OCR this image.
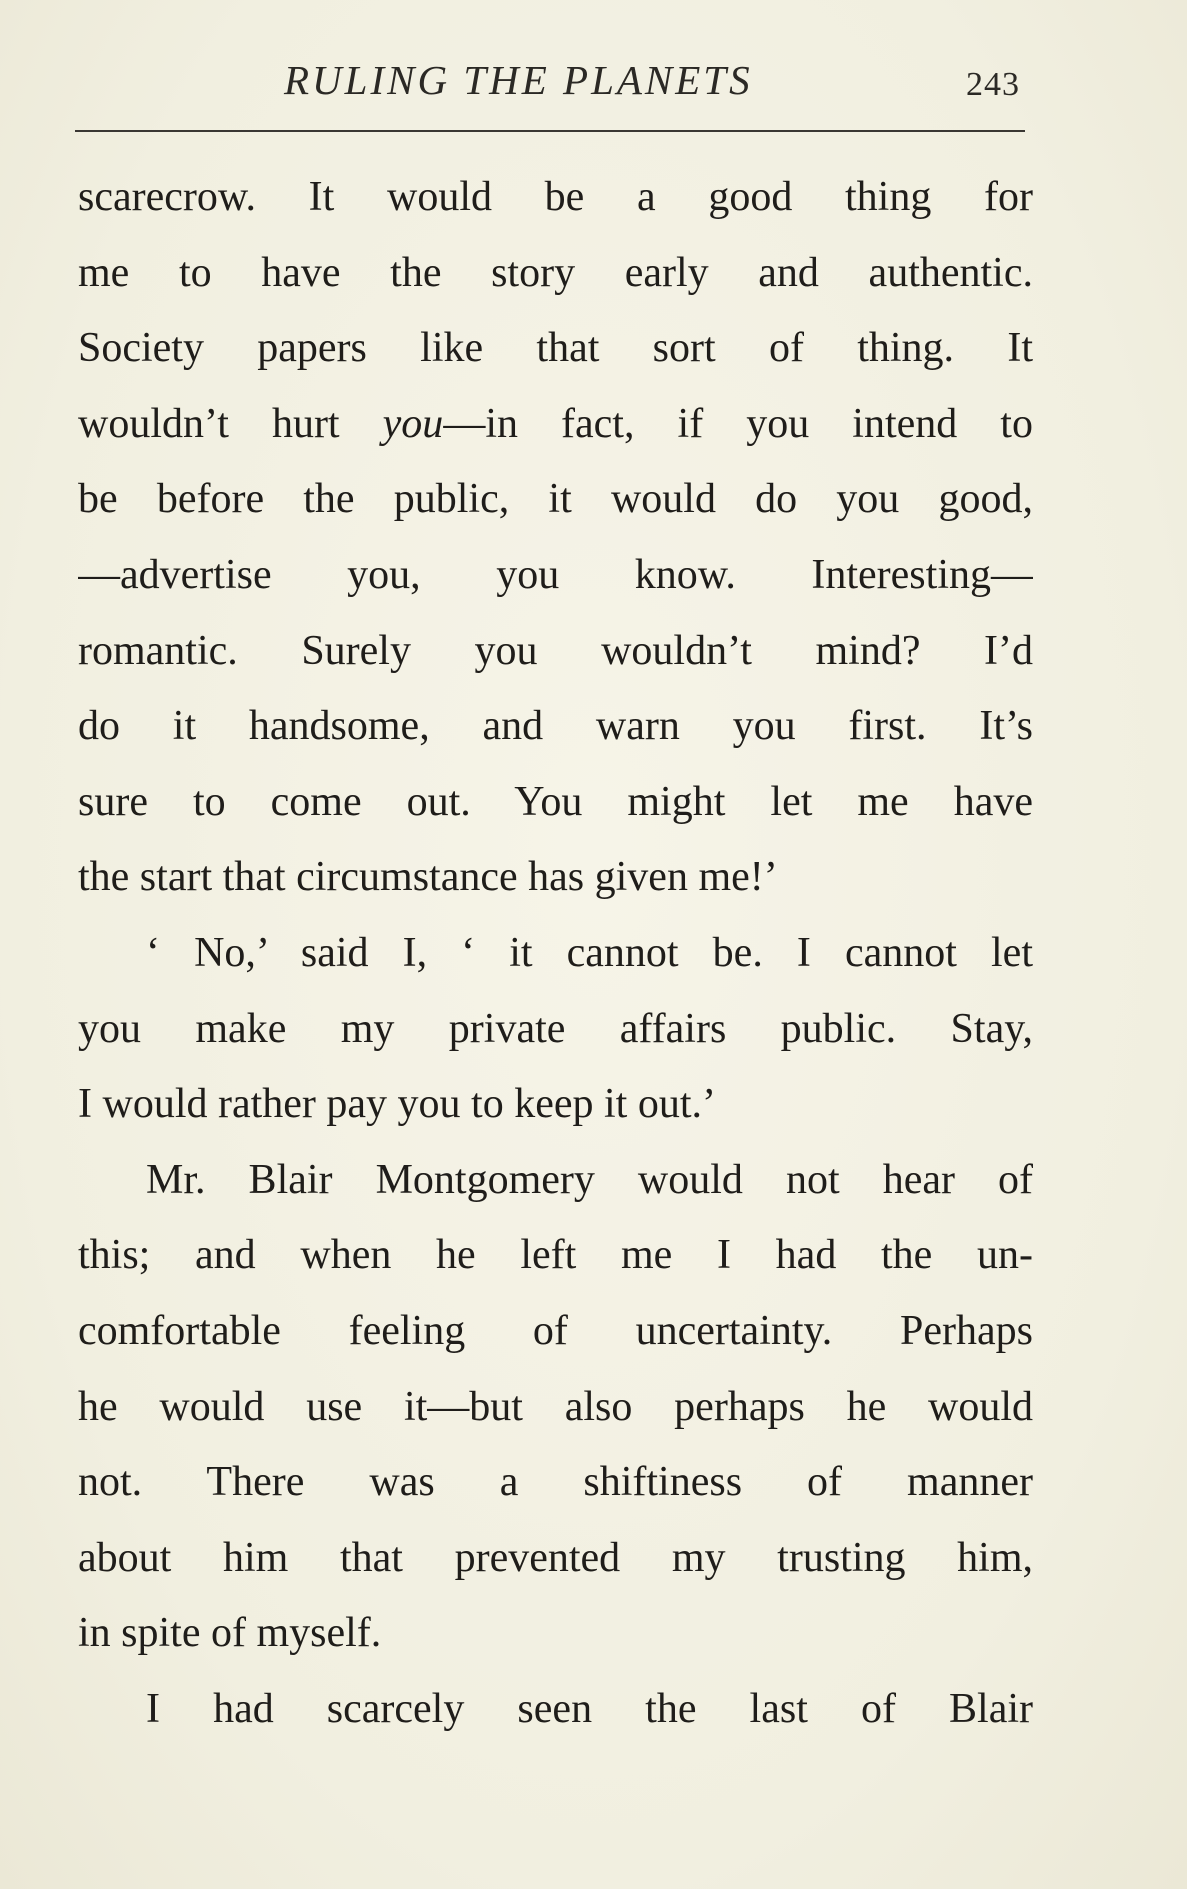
RULING THE PLANETS	243
scarecrow. It would be a good thing for
me to have the story early and authentic.
Society papers like that sort of thing. It
wouldn’t hurt you—in fact, if you intend to
be before the public, it would do you good,
—advertise you, you know. Interesting—
romantic. Surely you wouldn’t mind? I’d
do it handsome, and warn you first. It’s
sure to come out. You might let me have
the start that circumstance has given me!’
‘ No,’ said I, ‘ it cannot be. I cannot let
you make my private affairs public. Stay,
I would rather pay you to keep it out.’
Mr. Blair Montgomery would not hear of
this; and when he left me I had the un-
comfortable feeling of uncertainty. Perhaps
he would use it—but also perhaps he would
not. There was a shiftiness of manner
about him that prevented my trusting him,
in spite of myself.
I had scarcely seen the last of Blair
